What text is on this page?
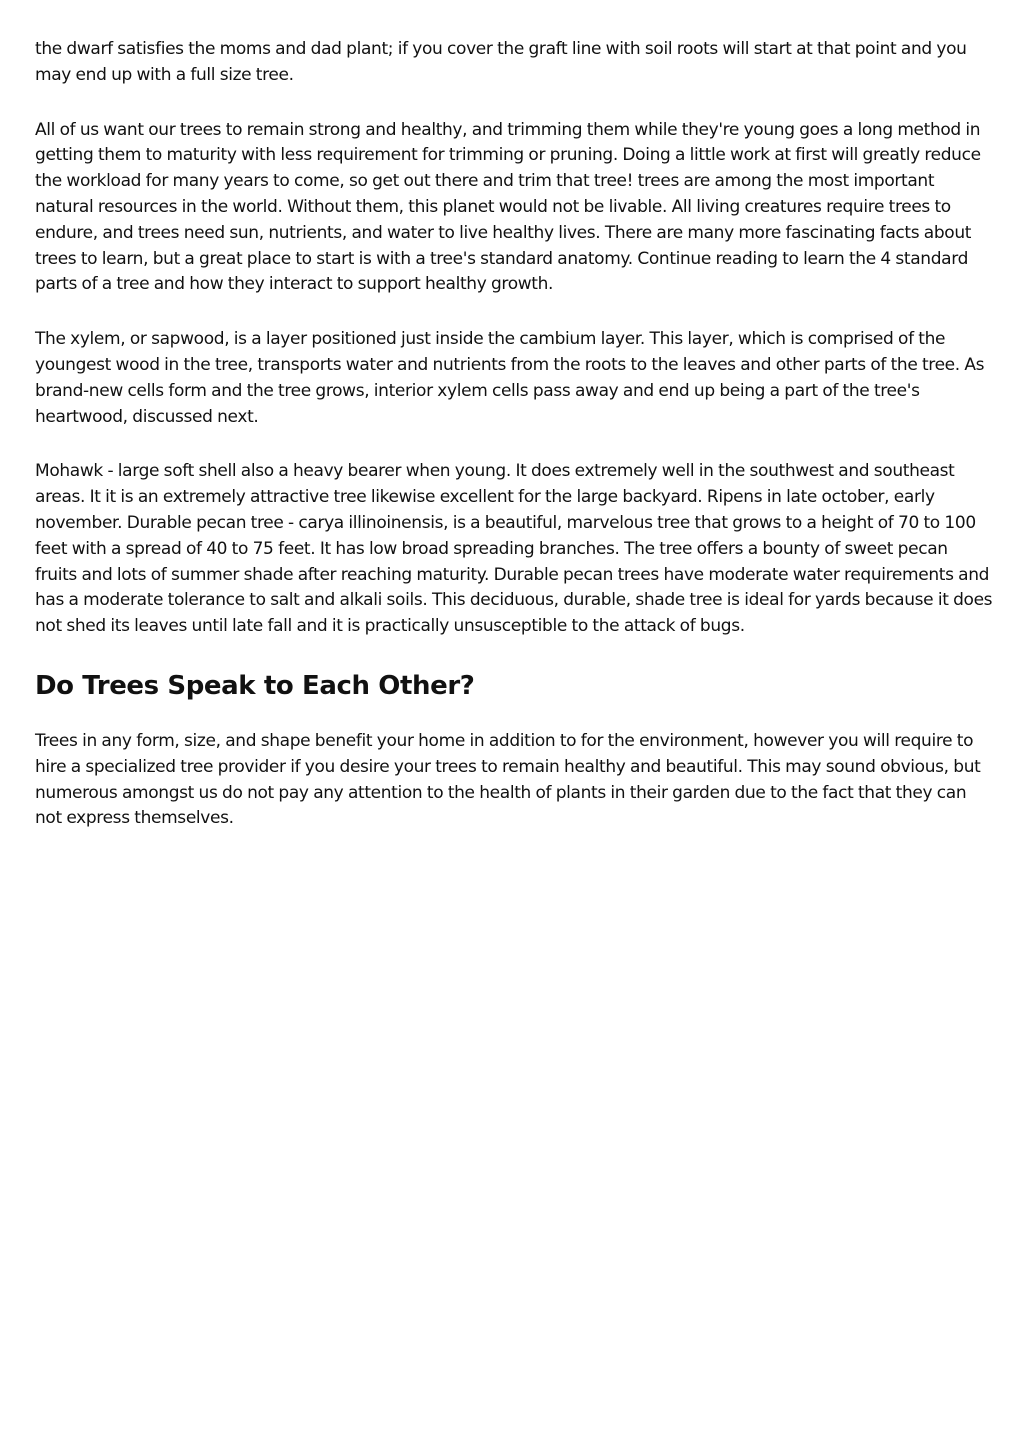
the dwarf satisfies the moms and dad plant; if you cover the graft line with soil roots will start at that point and you may end up with a full size tree.

All of us want our trees to remain strong and healthy, and trimming them while they're young goes a long method in getting them to maturity with less requirement for trimming or pruning. Doing a little work at first will greatly reduce the workload for many years to come, so get out there and trim that tree! trees are among the most important natural resources in the world. Without them, this planet would not be livable. All living creatures require trees to endure, and trees need sun, nutrients, and water to live healthy lives. There are many more fascinating facts about trees to learn, but a great place to start is with a tree's standard anatomy. Continue reading to learn the 4 standard parts of a tree and how they interact to support healthy growth.

The xylem, or sapwood, is a layer positioned just inside the cambium layer. This layer, which is comprised of the youngest wood in the tree, transports water and nutrients from the roots to the leaves and other parts of the tree. As brand-new cells form and the tree grows, interior xylem cells pass away and end up being a part of the tree's heartwood, discussed next.

Mohawk - large soft shell also a heavy bearer when young. It does extremely well in the southwest and southeast areas. It it is an extremely attractive tree likewise excellent for the large backyard. Ripens in late october, early november. Durable pecan tree - carya illinoinensis, is a beautiful, marvelous tree that grows to a height of 70 to 100 feet with a spread of 40 to 75 feet. It has low broad spreading branches. The tree offers a bounty of sweet pecan fruits and lots of summer shade after reaching maturity. Durable pecan trees have moderate water requirements and has a moderate tolerance to salt and alkali soils. This deciduous, durable, shade tree is ideal for yards because it does not shed its leaves until late fall and it is practically unsusceptible to the attack of bugs.

Do Trees Speak to Each Other?

Trees in any form, size, and shape benefit your home in addition to for the environment, however you will require to hire a specialized tree provider if you desire your trees to remain healthy and beautiful. This may sound obvious, but numerous amongst us do not pay any attention to the health of plants in their garden due to the fact that they can not express themselves.
